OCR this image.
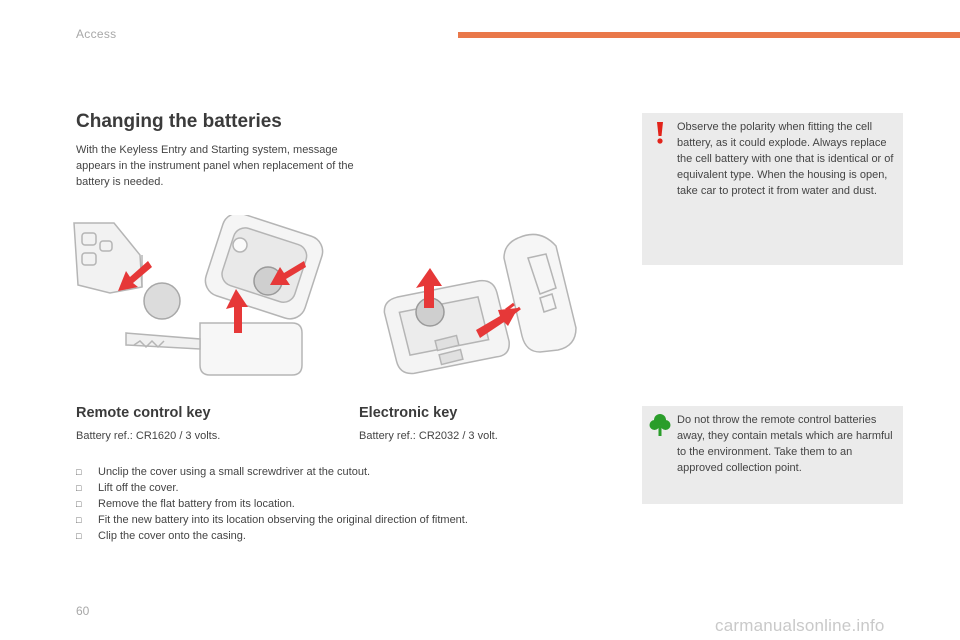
Access
Changing the batteries
With the Keyless Entry and Starting system, message appears in the instrument panel when replacement of the battery is needed.
Remote control key
Battery ref.: CR1620 / 3 volts.
Electronic key
Battery ref.: CR2032 / 3 volt.
□ Unclip the cover using a small screwdriver at the cutout.
□ Lift off the cover.
□ Remove the flat battery from its location.
□ Fit the new battery into its location observing the original direction of fitment.
□ Clip the cover onto the casing.
Observe the polarity when fitting the cell battery, as it could explode. Always replace the cell battery with one that is identical or of equivalent type. When the housing is open, take car to protect it from water and dust.
Do not throw the remote control batteries away, they contain metals which are harmful to the environment. Take them to an approved collection point.
60
carmanualsonline.info
